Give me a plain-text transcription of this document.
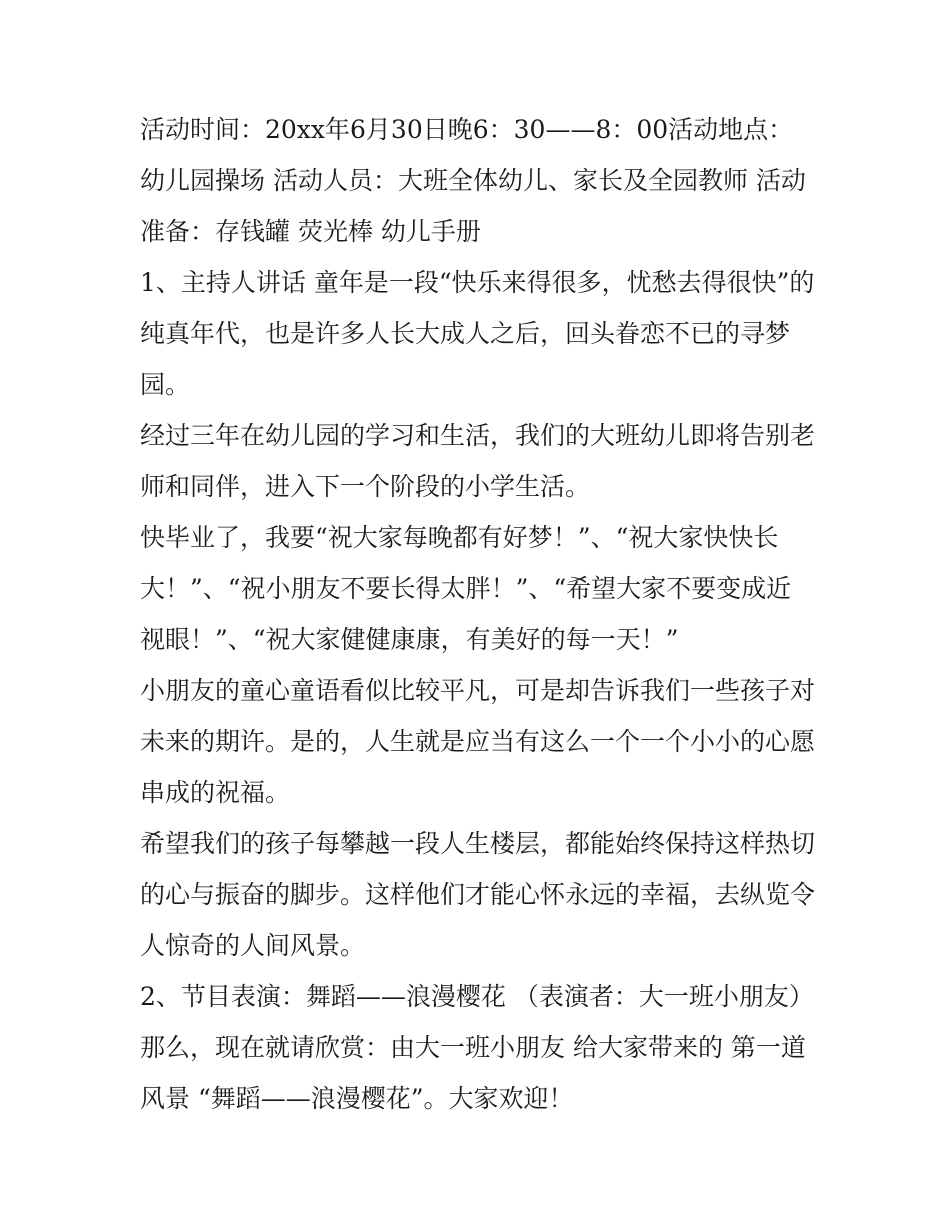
活动时间：20xx年6月30日晚6：30——8：00活动地点：幼儿园操场 活动人员：大班全体幼儿、家长及全园教师 活动准备：存钱罐 荧光棒 幼儿手册

1、主持人讲话 童年是一段“快乐来得很多，忧愁去得很快”的纯真年代，也是许多人长大成人之后，回头眷恋不已的寻梦园。

经过三年在幼儿园的学习和生活，我们的大班幼儿即将告别老师和同伴，进入下一个阶段的小学生活。

快毕业了，我要“祝大家每晚都有好梦！”、“祝大家快快长大！”、“祝小朋友不要长得太胖！”、“希望大家不要变成近视眼！”、“祝大家健健康康，有美好的每一天！”

小朋友的童心童语看似比较平凡，可是却告诉我们一些孩子对未来的期许。是的，人生就是应当有这么一个一个小小的心愿串成的祝福。

希望我们的孩子每攀越一段人生楼层，都能始终保持这样热切的心与振奋的脚步。这样他们才能心怀永远的幸福，去纵览令人惊奇的人间风景。

2、节目表演：舞蹈——浪漫樱花 （表演者：大一班小朋友） 那么，现在就请欣赏：由大一班小朋友 给大家带来的 第一道风景 “舞蹈——浪漫樱花”。大家欢迎！
